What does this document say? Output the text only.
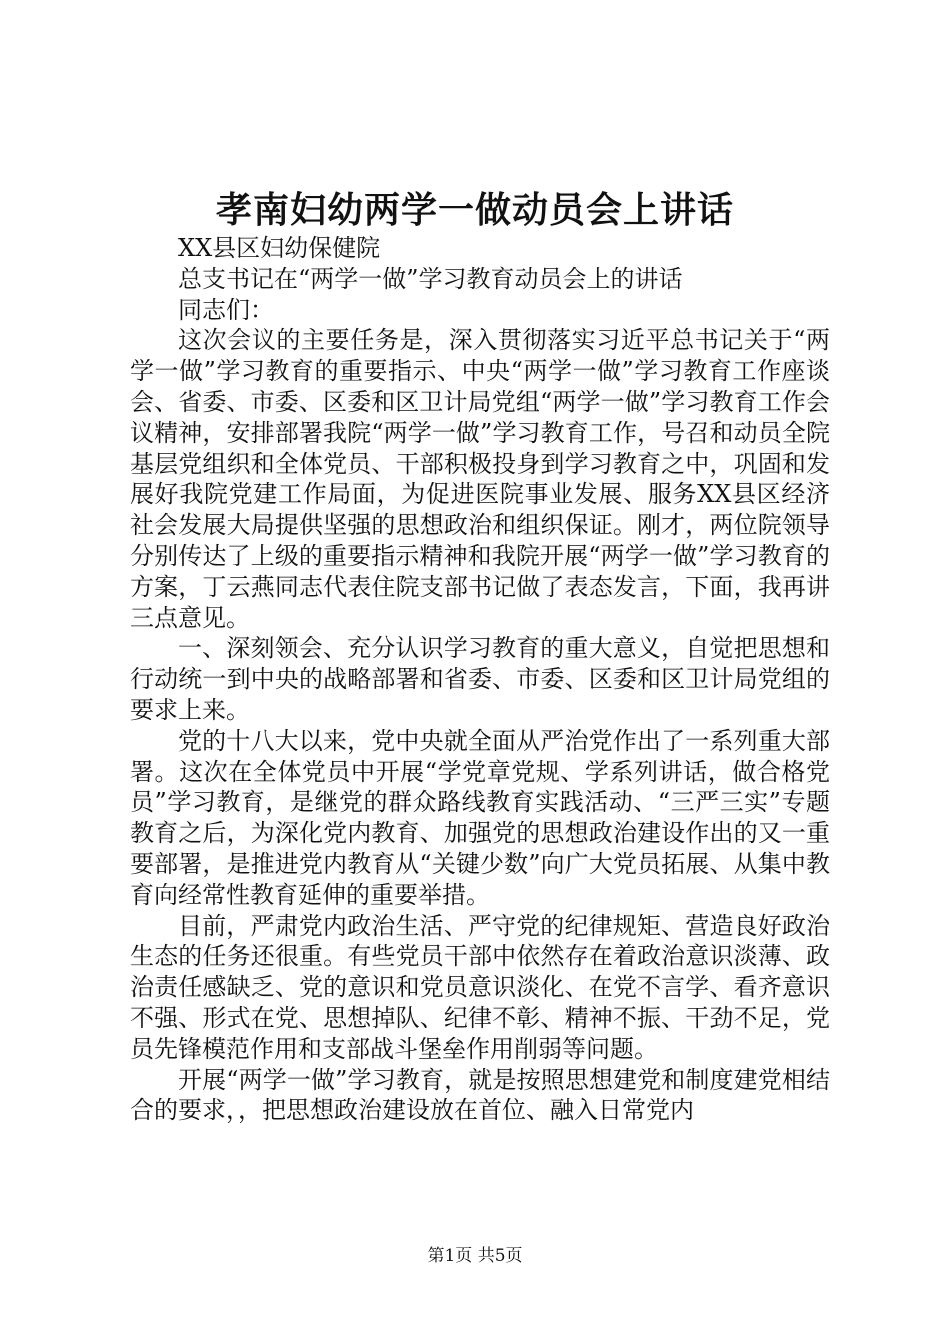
孝南妇幼两学一做动员会上讲话

XX县区妇幼保健院

总支书记在“两学一做”学习教育动员会上的讲话

同志们：

这次会议的主要任务是，深入贯彻落实习近平总书记关于“两学一做”学习教育的重要指示、中央“两学一做”学习教育工作座谈会、省委、市委、区委和区卫计局党组“两学一做”学习教育工作会议精神，安排部署我院“两学一做”学习教育工作，号召和动员全院基层党组织和全体党员、干部积极投身到学习教育之中，巩固和发展好我院党建工作局面，为促进医院事业发展、服务XX县区经济社会发展大局提供坚强的思想政治和组织保证。刚才，两位院领导分别传达了上级的重要指示精神和我院开展“两学一做”学习教育的方案，丁云燕同志代表住院支部书记做了表态发言，下面，我再讲三点意见。

一、深刻领会、充分认识学习教育的重大意义，自觉把思想和行动统一到中央的战略部署和省委、市委、区委和区卫计局党组的要求上来。

党的十八大以来，党中央就全面从严治党作出了一系列重大部署。这次在全体党员中开展“学党章党规、学系列讲话，做合格党员”学习教育，是继党的群众路线教育实践活动、“三严三实”专题教育之后，为深化党内教育、加强党的思想政治建设作出的又一重要部署，是推进党内教育从“关键少数”向广大党员拓展、从集中教育向经常性教育延伸的重要举措。

目前，严肃党内政治生活、严守党的纪律规矩、营造良好政治生态的任务还很重。有些党员干部中依然存在着政治意识淡薄、政治责任感缺乏、党的意识和党员意识淡化、在党不言学、看齐意识不强、形式在党、思想掉队、纪律不彰、精神不振、干劲不足，党员先锋模范作用和支部战斗堡垒作用削弱等问题。

开展“两学一做”学习教育，就是按照思想建党和制度建党相结合的要求，，把思想政治建设放在首位、融入日常党内

第1页 共5页
